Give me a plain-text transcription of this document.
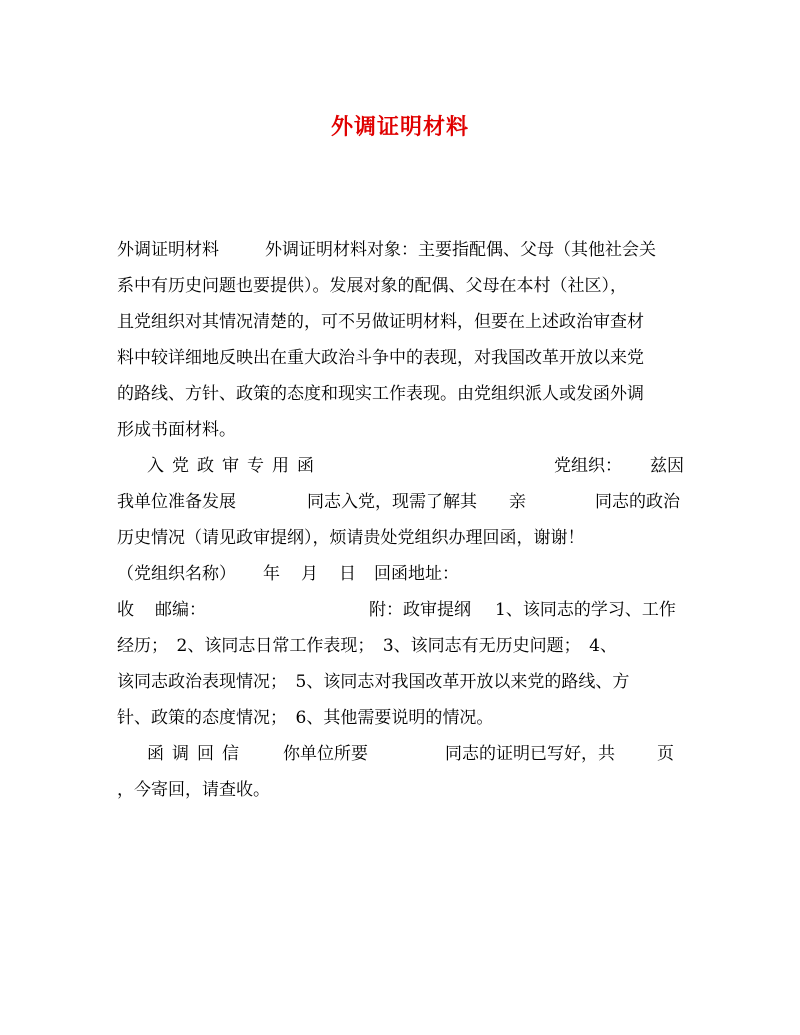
外调证明材料
外调证明材料	外调证明材料对象：主要指配偶、父母（其他社会关
系中有历史问题也要提供）。发展对象的配偶、父母在本村（社区），
且党组织对其情况清楚的，可不另做证明材料，但要在上述政治审查材
料中较详细地反映出在重大政治斗争中的表现，对我国改革开放以来党
的路线、方针、政策的态度和现实工作表现。由党组织派人或发函外调
形成书面材料。
入党政审专用函	党组织： 兹因
我单位准备发展	同志入党，现需了解其 亲	同志的政治
历史情况（请见政审提纲），烦请贵处党组织办理回函，谢谢！
（党组织名称） 年 月 日 回函地址：
收 邮编：	附：政审提纲 1、该同志的学习、工作
经历；　2、该同志日常工作表现；　3、该同志有无历史问题；　4、
该同志政治表现情况；　5、该同志对我国改革开放以来党的路线、方
针、政策的态度情况；　6、其他需要说明的情况。
函调回信 你单位所要	同志的证明已写好，共 页
，今寄回，请查收。
